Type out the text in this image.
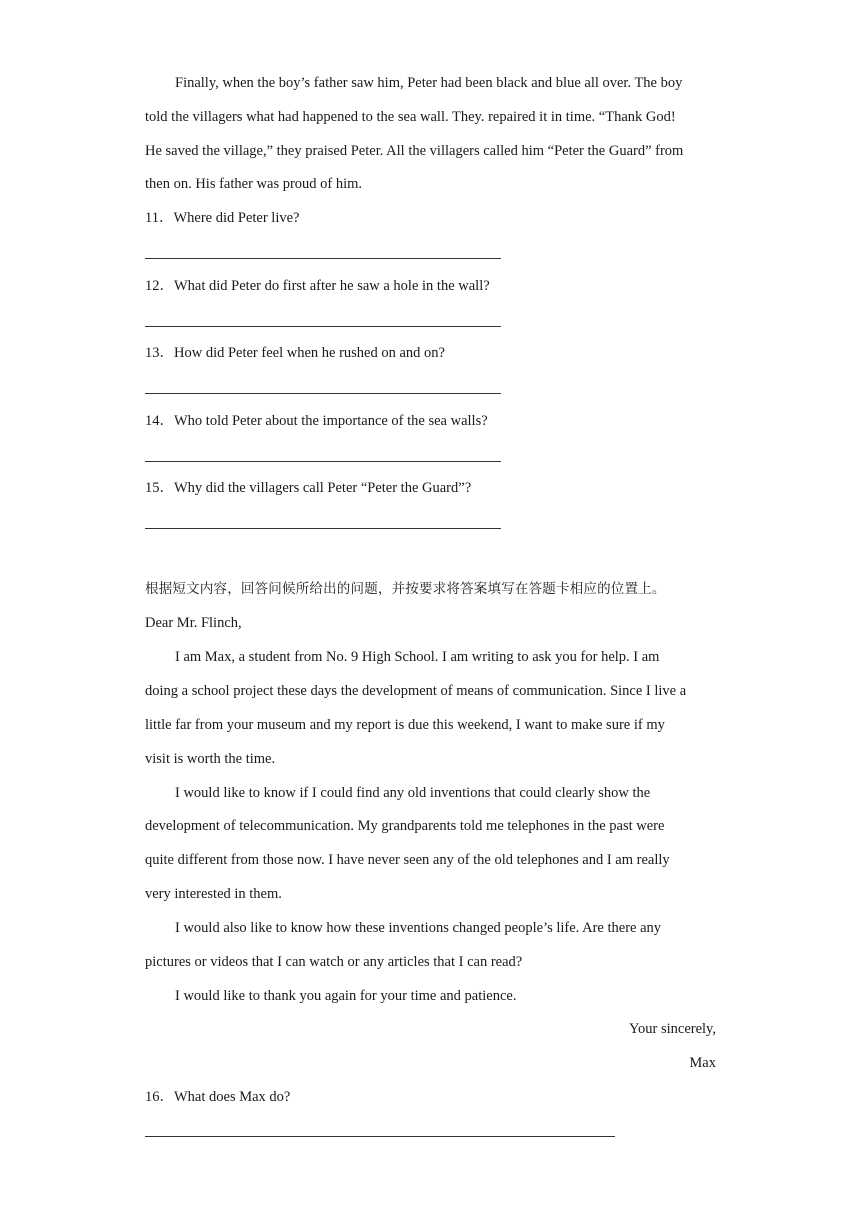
Finally, when the boy’s father saw him, Peter had been black and blue all over. The boy
told the villagers what had happened to the sea wall. They. repaired it in time. “Thank God!
He saved the village,” they praised Peter. All the villagers called him “Peter the Guard” from
then on. His father was proud of him.
11．Where did Peter live?
12．What did Peter do first after he saw a hole in the wall?
13．How did Peter feel when he rushed on and on?
14．Who told Peter about the importance of the sea walls?
15．Why did the villagers call Peter “Peter the Guard”?
根据短文内容，回答问候所给出的问题，并按要求将答案填写在答题卡相应的位置上。
Dear Mr. Flinch,
I am Max, a student from No. 9 High School. I am writing to ask you for help. I am
doing a school project these days the development of means of communication. Since I live a
little far from your museum and my report is due this weekend, I want to make sure if my
visit is worth the time.
I would like to know if I could find any old inventions that could clearly show the
development of telecommunication. My grandparents told me telephones in the past were
quite different from those now. I have never seen any of the old telephones and I am really
very interested in them.
I would also like to know how these inventions changed people’s life. Are there any
pictures or videos that I can watch or any articles that I can read?
I would like to thank you again for your time and patience.
Your sincerely,
Max
16．What does Max do?
